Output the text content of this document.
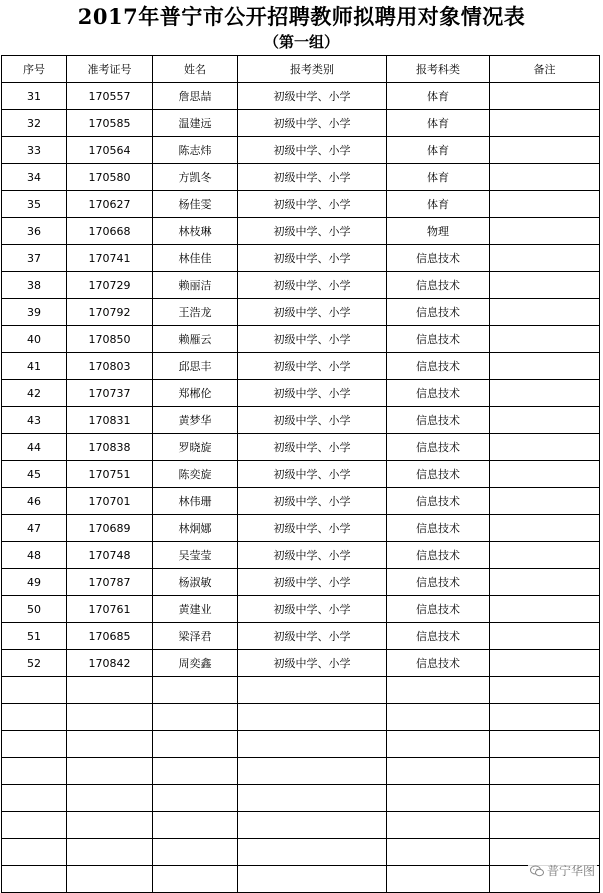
2017年普宁市公开招聘教师拟聘用对象情况表
（第一组）
序号	准考证号	姓名	报考类别	报考科类	备注
31	170557	詹思喆	初级中学、小学	体育	
32	170585	温建远	初级中学、小学	体育	
33	170564	陈志炜	初级中学、小学	体育	
34	170580	方凯冬	初级中学、小学	体育	
35	170627	杨佳雯	初级中学、小学	体育	
36	170668	林枝琳	初级中学、小学	物理	
37	170741	林佳佳	初级中学、小学	信息技术	
38	170729	赖丽洁	初级中学、小学	信息技术	
39	170792	王浩龙	初级中学、小学	信息技术	
40	170850	赖雁云	初级中学、小学	信息技术	
41	170803	邱思丰	初级中学、小学	信息技术	
42	170737	郑郴伦	初级中学、小学	信息技术	
43	170831	黄梦华	初级中学、小学	信息技术	
44	170838	罗晓旋	初级中学、小学	信息技术	
45	170751	陈奕旋	初级中学、小学	信息技术	
46	170701	林伟珊	初级中学、小学	信息技术	
47	170689	林炯娜	初级中学、小学	信息技术	
48	170748	吴莹莹	初级中学、小学	信息技术	
49	170787	杨淑敏	初级中学、小学	信息技术	
50	170761	黄建业	初级中学、小学	信息技术	
51	170685	梁泽君	初级中学、小学	信息技术	
52	170842	周奕鑫	初级中学、小学	信息技术	

普宁华图
